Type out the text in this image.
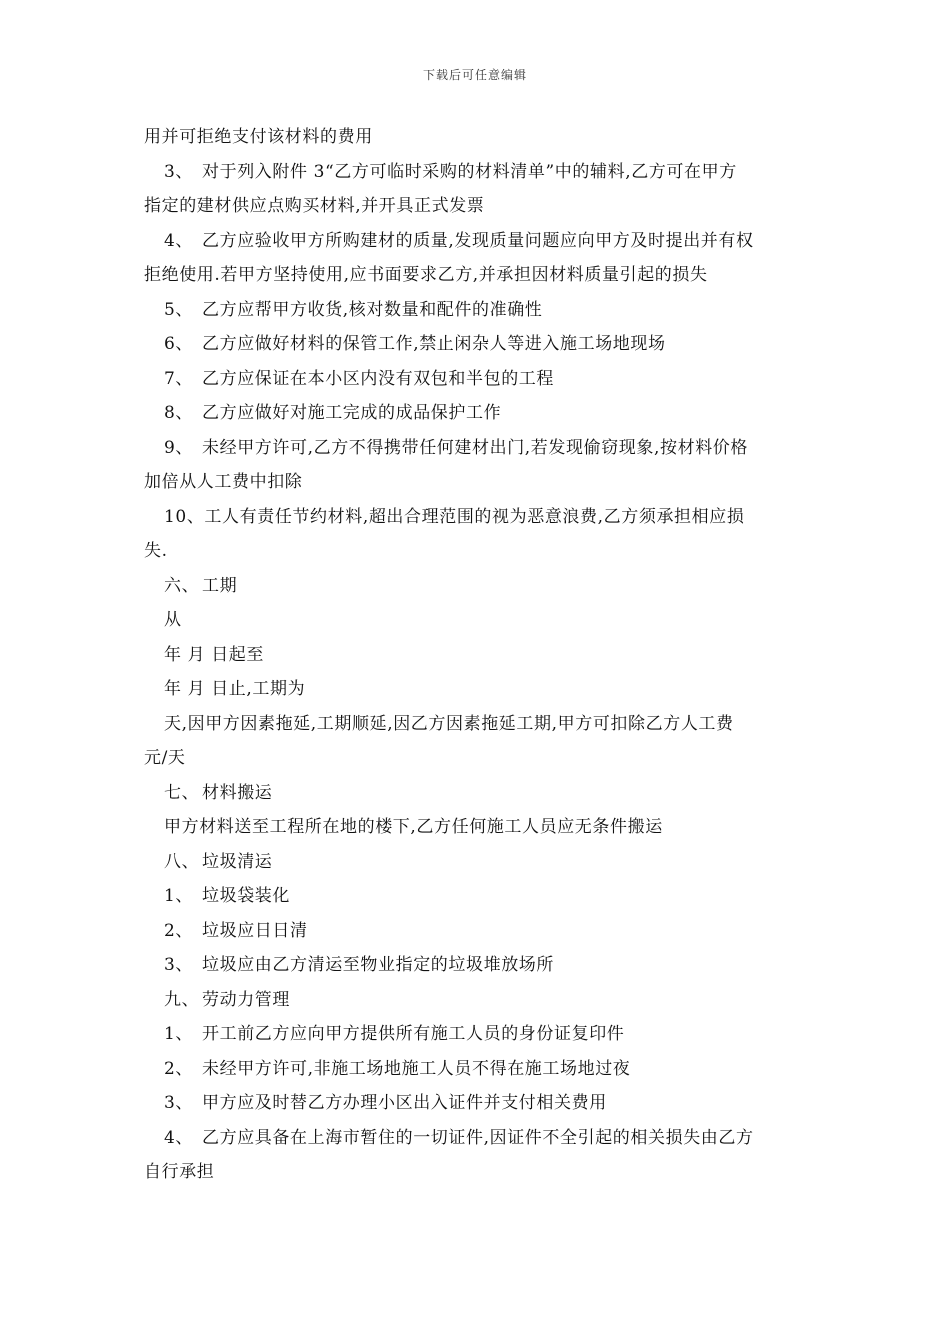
下载后可任意编辑
用并可拒绝支付该材料的费用
3、 对于列入附件 3“乙方可临时采购的材料清单”中的辅料,乙方可在甲方
指定的建材供应点购买材料,并开具正式发票
4、 乙方应验收甲方所购建材的质量,发现质量问题应向甲方及时提出并有权
拒绝使用.若甲方坚持使用,应书面要求乙方,并承担因材料质量引起的损失
5、 乙方应帮甲方收货,核对数量和配件的准确性
6、 乙方应做好材料的保管工作,禁止闲杂人等进入施工场地现场
7、 乙方应保证在本小区内没有双包和半包的工程
8、 乙方应做好对施工完成的成品保护工作
9、 未经甲方许可,乙方不得携带任何建材出门,若发现偷窃现象,按材料价格
加倍从人工费中扣除
10、工人有责任节约材料,超出合理范围的视为恶意浪费,乙方须承担相应损
失.
六、 工期
从
年 月 日起至
年 月 日止,工期为
天,因甲方因素拖延,工期顺延,因乙方因素拖延工期,甲方可扣除乙方人工费
元/天
七、 材料搬运
甲方材料送至工程所在地的楼下,乙方任何施工人员应无条件搬运
八、 垃圾清运
1、 垃圾袋装化
2、 垃圾应日日清
3、 垃圾应由乙方清运至物业指定的垃圾堆放场所
九、 劳动力管理
1、 开工前乙方应向甲方提供所有施工人员的身份证复印件
2、 未经甲方许可,非施工场地施工人员不得在施工场地过夜
3、 甲方应及时替乙方办理小区出入证件并支付相关费用
4、 乙方应具备在上海市暂住的一切证件,因证件不全引起的相关损失由乙方
自行承担
